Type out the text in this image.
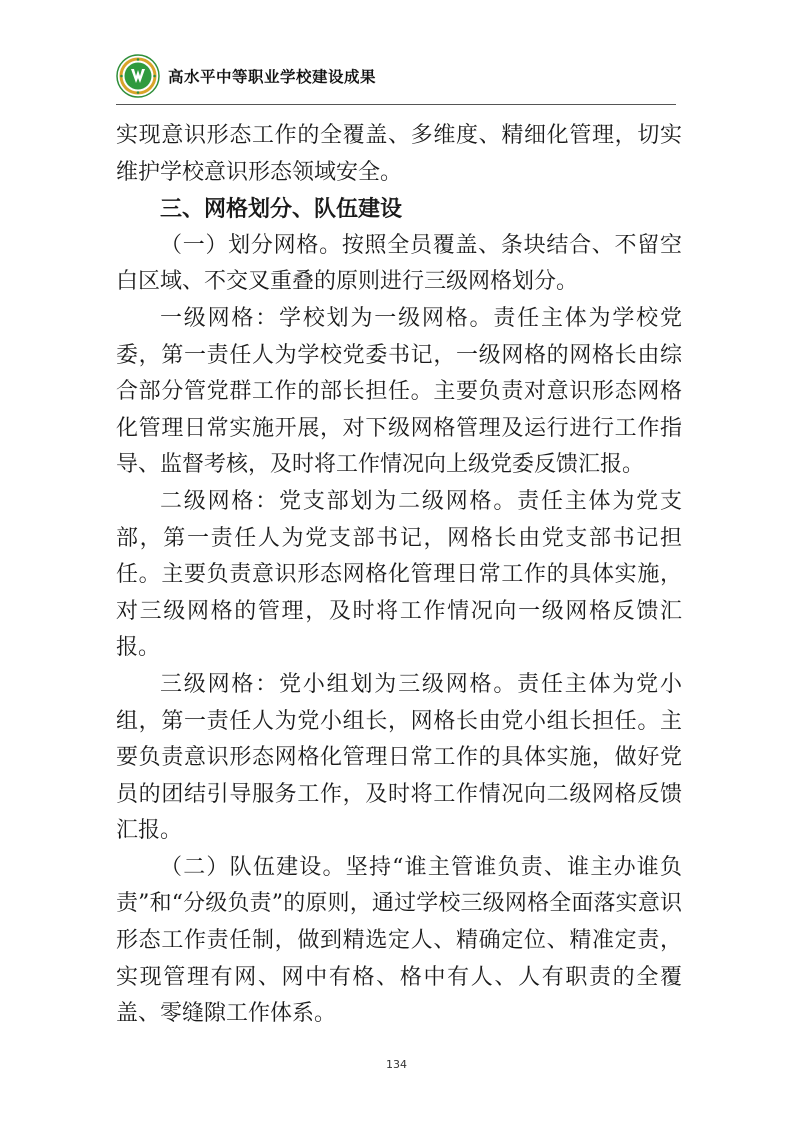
高水平中等职业学校建设成果

实现意识形态工作的全覆盖、多维度、精细化管理，切实维护学校意识形态领域安全。

三、网格划分、队伍建设

（一）划分网格。按照全员覆盖、条块结合、不留空白区域、不交叉重叠的原则进行三级网格划分。

一级网格：学校划为一级网格。责任主体为学校党委，第一责任人为学校党委书记，一级网格的网格长由综合部分管党群工作的部长担任。主要负责对意识形态网格化管理日常实施开展，对下级网格管理及运行进行工作指导、监督考核，及时将工作情况向上级党委反馈汇报。

二级网格：党支部划为二级网格。责任主体为党支部，第一责任人为党支部书记，网格长由党支部书记担任。主要负责意识形态网格化管理日常工作的具体实施，对三级网格的管理，及时将工作情况向一级网格反馈汇报。

三级网格：党小组划为三级网格。责任主体为党小组，第一责任人为党小组长，网格长由党小组长担任。主要负责意识形态网格化管理日常工作的具体实施，做好党员的团结引导服务工作，及时将工作情况向二级网格反馈汇报。

（二）队伍建设。坚持“谁主管谁负责、谁主办谁负责”和“分级负责”的原则，通过学校三级网格全面落实意识形态工作责任制，做到精选定人、精确定位、精准定责，实现管理有网、网中有格、格中有人、人有职责的全覆盖、零缝隙工作体系。

134
